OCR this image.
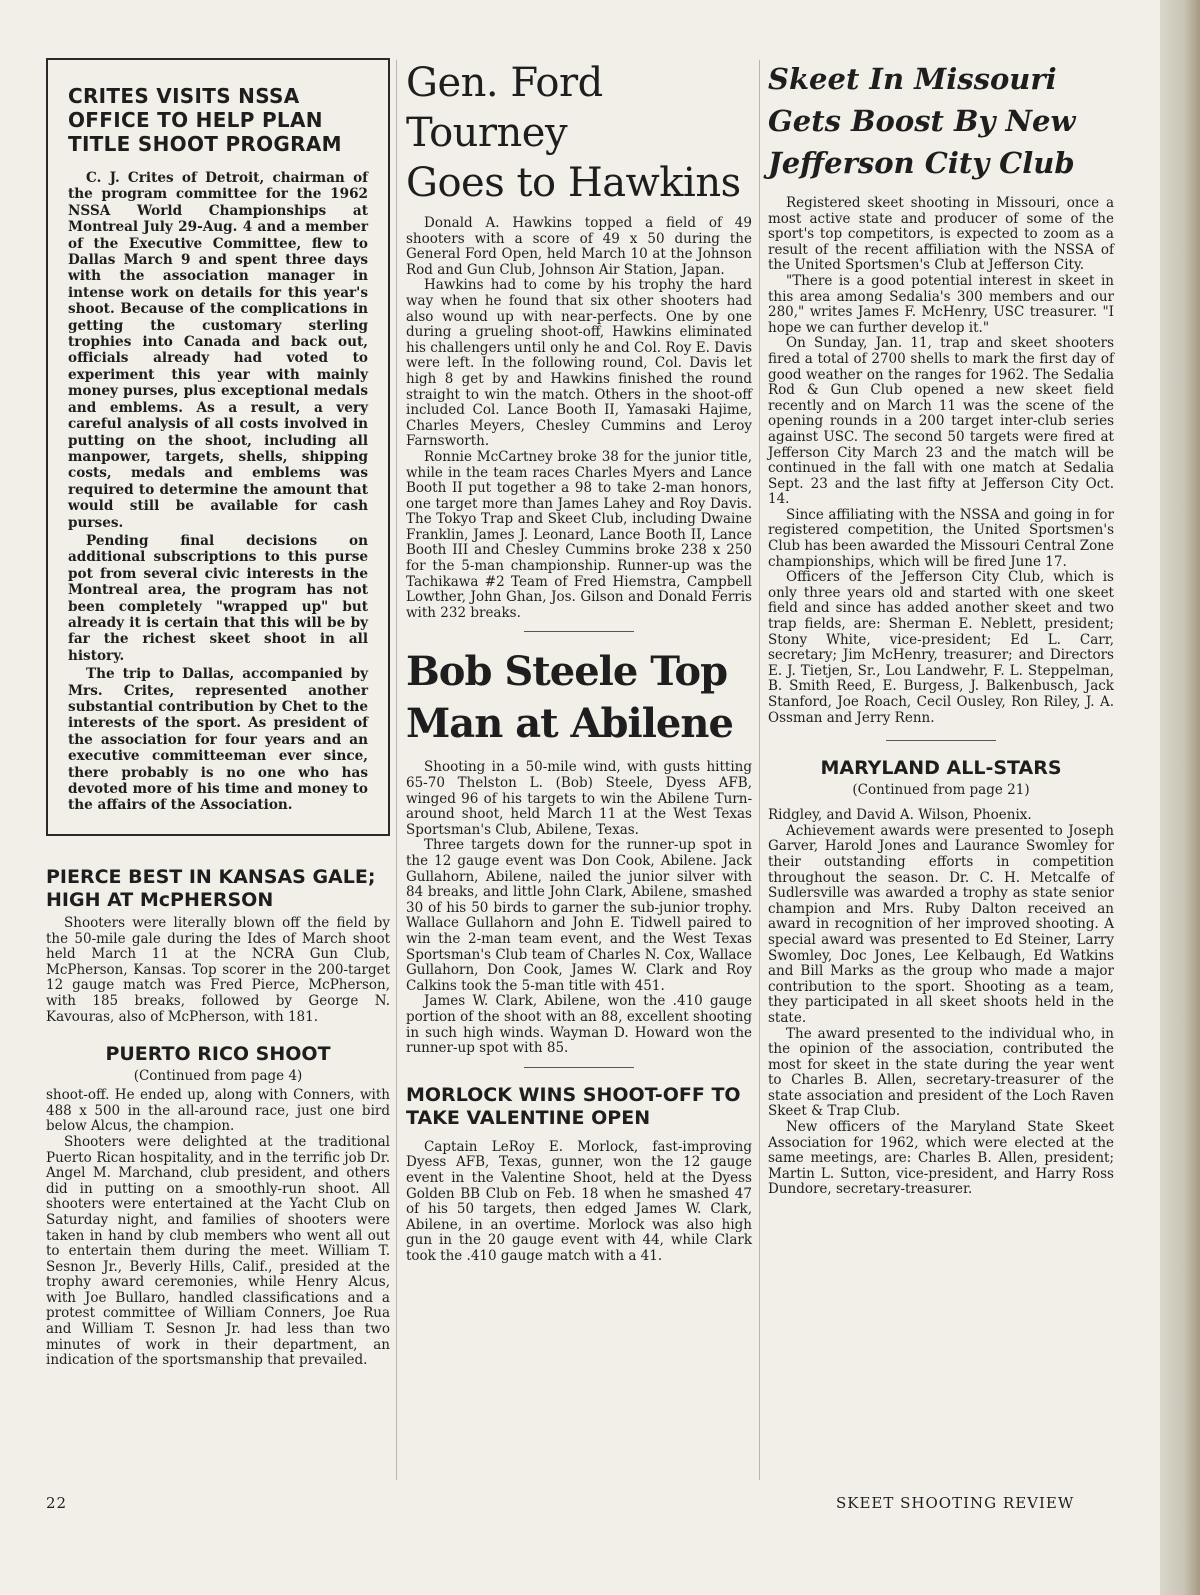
CRITES VISITS NSSA OFFICE TO HELP PLAN TITLE SHOOT PROGRAM

C. J. Crites of Detroit, chairman of the program committee for the 1962 NSSA World Championships at Montreal July 29-Aug. 4 and a member of the Executive Committee, flew to Dallas March 9 and spent three days with the association manager in intense work on details for this year's shoot. Because of the complications in getting the customary sterling trophies into Canada and back out, officials already had voted to experiment this year with mainly money purses, plus exceptional medals and emblems. As a result, a very careful analysis of all costs involved in putting on the shoot, including all manpower, targets, shells, shipping costs, medals and emblems was required to determine the amount that would still be available for cash purses.

Pending final decisions on additional subscriptions to this purse pot from several civic interests in the Montreal area, the program has not been completely "wrapped up" but already it is certain that this will be by far the richest skeet shoot in all history.

The trip to Dallas, accompanied by Mrs. Crites, represented another substantial contribution by Chet to the interests of the sport. As president of the association for four years and an executive committeeman ever since, there probably is no one who has devoted more of his time and money to the affairs of the Association.

PIERCE BEST IN KANSAS GALE; HIGH AT McPHERSON

Shooters were literally blown off the field by the 50-mile gale during the Ides of March shoot held March 11 at the NCRA Gun Club, McPherson, Kansas. Top scorer in the 200-target 12 gauge match was Fred Pierce, McPherson, with 185 breaks, followed by George N. Kavouras, also of McPherson, with 181.

PUERTO RICO SHOOT
(Continued from page 4)

shoot-off. He ended up, along with Conners, with 488 x 500 in the all-around race, just one bird below Alcus, the champion.

Shooters were delighted at the traditional Puerto Rican hospitality, and in the terrific job Dr. Angel M. Marchand, club president, and others did in putting on a smoothly-run shoot. All shooters were entertained at the Yacht Club on Saturday night, and families of shooters were taken in hand by club members who went all out to entertain them during the meet. William T. Sesnon Jr., Beverly Hills, Calif., presided at the trophy award ceremonies, while Henry Alcus, with Joe Bullaro, handled classifications and a protest committee of William Conners, Joe Rua and William T. Sesnon Jr. had less than two minutes of work in their department, an indication of the sportsmanship that prevailed.

Gen. Ford Tourney
Goes to Hawkins

Donald A. Hawkins topped a field of 49 shooters with a score of 49 x 50 during the General Ford Open, held March 10 at the Johnson Rod and Gun Club, Johnson Air Station, Japan.

Hawkins had to come by his trophy the hard way when he found that six other shooters had also wound up with near-perfects. One by one during a grueling shoot-off, Hawkins eliminated his challengers until only he and Col. Roy E. Davis were left. In the following round, Col. Davis let high 8 get by and Hawkins finished the round straight to win the match. Others in the shoot-off included Col. Lance Booth II, Yamasaki Hajime, Charles Meyers, Chesley Cummins and Leroy Farnsworth.

Ronnie McCartney broke 38 for the junior title, while in the team races Charles Myers and Lance Booth II put together a 98 to take 2-man honors, one target more than James Lahey and Roy Davis. The Tokyo Trap and Skeet Club, including Dwaine Franklin, James J. Leonard, Lance Booth II, Lance Booth III and Chesley Cummins broke 238 x 250 for the 5-man championship. Runner-up was the Tachikawa #2 Team of Fred Hiemstra, Campbell Lowther, John Ghan, Jos. Gilson and Donald Ferris with 232 breaks.

Bob Steele Top
Man at Abilene

Shooting in a 50-mile wind, with gusts hitting 65-70 Thelston L. (Bob) Steele, Dyess AFB, winged 96 of his targets to win the Abilene Turn-around shoot, held March 11 at the West Texas Sportsman's Club, Abilene, Texas.

Three targets down for the runner-up spot in the 12 gauge event was Don Cook, Abilene. Jack Gullahorn, Abilene, nailed the junior silver with 84 breaks, and little John Clark, Abilene, smashed 30 of his 50 birds to garner the sub-junior trophy. Wallace Gullahorn and John E. Tidwell paired to win the 2-man team event, and the West Texas Sportsman's Club team of Charles N. Cox, Wallace Gullahorn, Don Cook, James W. Clark and Roy Calkins took the 5-man title with 451.

James W. Clark, Abilene, won the .410 gauge portion of the shoot with an 88, excellent shooting in such high winds. Wayman D. Howard won the runner-up spot with 85.

MORLOCK WINS SHOOT-OFF TO TAKE VALENTINE OPEN

Captain LeRoy E. Morlock, fast-improving Dyess AFB, Texas, gunner, won the 12 gauge event in the Valentine Shoot, held at the Dyess Golden BB Club on Feb. 18 when he smashed 47 of his 50 targets, then edged James W. Clark, Abilene, in an overtime. Morlock was also high gun in the 20 gauge event with 44, while Clark took the .410 gauge match with a 41.

Skeet In Missouri
Gets Boost By New
Jefferson City Club

Registered skeet shooting in Missouri, once a most active state and producer of some of the sport's top competitors, is expected to zoom as a result of the recent affiliation with the NSSA of the United Sportsmen's Club at Jefferson City.

"There is a good potential interest in skeet in this area among Sedalia's 300 members and our 280," writes James F. McHenry, USC treasurer. "I hope we can further develop it."

On Sunday, Jan. 11, trap and skeet shooters fired a total of 2700 shells to mark the first day of good weather on the ranges for 1962. The Sedalia Rod & Gun Club opened a new skeet field recently and on March 11 was the scene of the opening rounds in a 200 target inter-club series against USC. The second 50 targets were fired at Jefferson City March 23 and the match will be continued in the fall with one match at Sedalia Sept. 23 and the last fifty at Jefferson City Oct. 14.

Since affiliating with the NSSA and going in for registered competition, the United Sportsmen's Club has been awarded the Missouri Central Zone championships, which will be fired June 17.

Officers of the Jefferson City Club, which is only three years old and started with one skeet field and since has added another skeet and two trap fields, are: Sherman E. Neblett, president; Stony White, vice-president; Ed L. Carr, secretary; Jim McHenry, treasurer; and Directors E. J. Tietjen, Sr., Lou Landwehr, F. L. Steppelman, B. Smith Reed, E. Burgess, J. Balkenbusch, Jack Stanford, Joe Roach, Cecil Ousley, Ron Riley, J. A. Ossman and Jerry Renn.

MARYLAND ALL-STARS
(Continued from page 21)

Ridgley, and David A. Wilson, Phoenix.

Achievement awards were presented to Joseph Garver, Harold Jones and Laurance Swomley for their outstanding efforts in competition throughout the season. Dr. C. H. Metcalfe of Sudlersville was awarded a trophy as state senior champion and Mrs. Ruby Dalton received an award in recognition of her improved shooting. A special award was presented to Ed Steiner, Larry Swomley, Doc Jones, Lee Kelbaugh, Ed Watkins and Bill Marks as the group who made a major contribution to the sport. Shooting as a team, they participated in all skeet shoots held in the state.

The award presented to the individual who, in the opinion of the association, contributed the most for skeet in the state during the year went to Charles B. Allen, secretary-treasurer of the state association and president of the Loch Raven Skeet & Trap Club.

New officers of the Maryland State Skeet Association for 1962, which were elected at the same meetings, are: Charles B. Allen, president; Martin L. Sutton, vice-president, and Harry Ross Dundore, secretary-treasurer.

22	SKEET SHOOTING REVIEW
